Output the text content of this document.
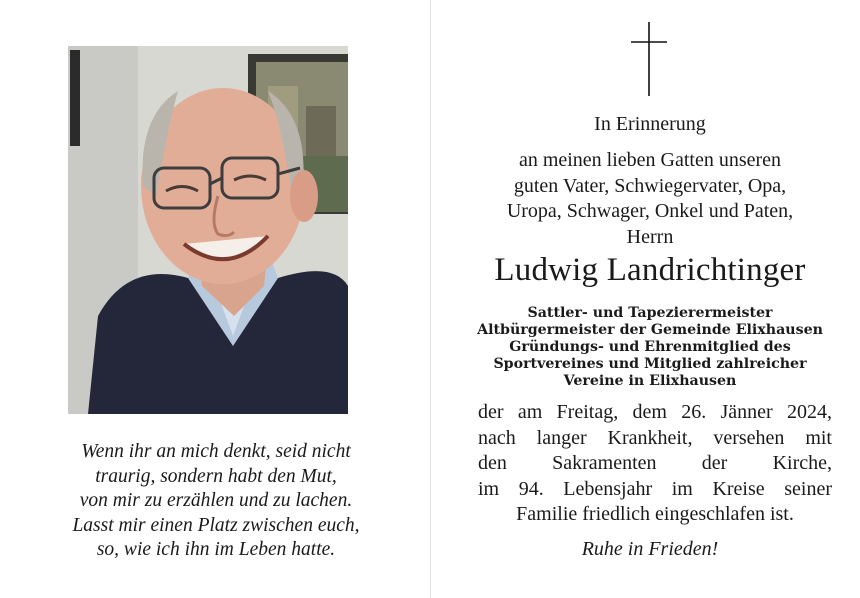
Wenn ihr an mich denkt, seid nicht
traurig, sondern habt den Mut,
von mir zu erzählen und zu lachen.
Lasst mir einen Platz zwischen euch,
so, wie ich ihn im Leben hatte.
In Erinnerung
an meinen lieben Gatten unseren
guten Vater, Schwiegervater, Opa,
Uropa, Schwager, Onkel und Paten,
Herrn
Ludwig Landrichtinger
Sattler- und Tapezierermeister
Altbürgermeister der Gemeinde Elixhausen
Gründungs- und Ehrenmitglied des
Sportvereines und Mitglied zahlreicher
Vereine in Elixhausen
der am Freitag, dem 26. Jänner 2024,
nach langer Krankheit, versehen mit
den Sakramenten der Kirche,
im 94. Lebensjahr im Kreise seiner
Familie friedlich eingeschlafen ist.
Ruhe in Frieden!
